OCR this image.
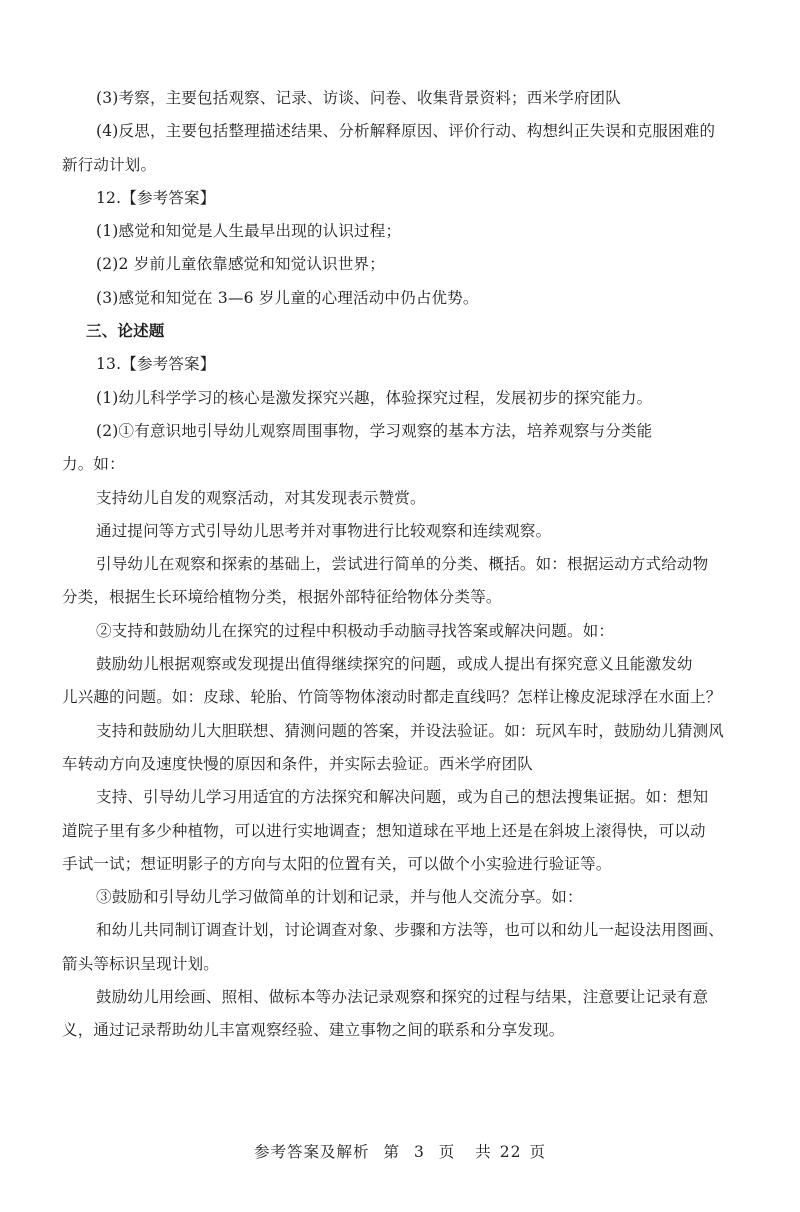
(3)考察，主要包括观察、记录、访谈、问卷、收集背景资料；西米学府团队
(4)反思，主要包括整理描述结果、分析解释原因、评价行动、构想纠正失误和克服困难的
新行动计划。
12.【参考答案】
(1)感觉和知觉是人生最早出现的认识过程；
(2)2 岁前儿童依靠感觉和知觉认识世界；
(3)感觉和知觉在 3—6 岁儿童的心理活动中仍占优势。
三、论述题
13.【参考答案】
(1)幼儿科学学习的核心是激发探究兴趣，体验探究过程，发展初步的探究能力。
(2)①有意识地引导幼儿观察周围事物，学习观察的基本方法，培养观察与分类能
力。如：
支持幼儿自发的观察活动，对其发现表示赞赏。
通过提问等方式引导幼儿思考并对事物进行比较观察和连续观察。
引导幼儿在观察和探索的基础上，尝试进行简单的分类、概括。如：根据运动方式给动物
分类，根据生长环境给植物分类，根据外部特征给物体分类等。
②支持和鼓励幼儿在探究的过程中积极动手动脑寻找答案或解决问题。如：
鼓励幼儿根据观察或发现提出值得继续探究的问题，或成人提出有探究意义且能激发幼
儿兴趣的问题。如：皮球、轮胎、竹筒等物体滚动时都走直线吗？怎样让橡皮泥球浮在水面上？
支持和鼓励幼儿大胆联想、猜测问题的答案，并设法验证。如：玩风车时，鼓励幼儿猜测风
车转动方向及速度快慢的原因和条件，并实际去验证。西米学府团队
支持、引导幼儿学习用适宜的方法探究和解决问题，或为自己的想法搜集证据。如：想知
道院子里有多少种植物，可以进行实地调查；想知道球在平地上还是在斜坡上滚得快，可以动
手试一试；想证明影子的方向与太阳的位置有关，可以做个小实验进行验证等。
③鼓励和引导幼儿学习做简单的计划和记录，并与他人交流分享。如：
和幼儿共同制订调查计划，讨论调查对象、步骤和方法等，也可以和幼儿一起设法用图画、
箭头等标识呈现计划。
鼓励幼儿用绘画、照相、做标本等办法记录观察和探究的过程与结果，注意要让记录有意
义，通过记录帮助幼儿丰富观察经验、建立事物之间的联系和分享发现。
参考答案及解析 第 3 页 共 22 页
